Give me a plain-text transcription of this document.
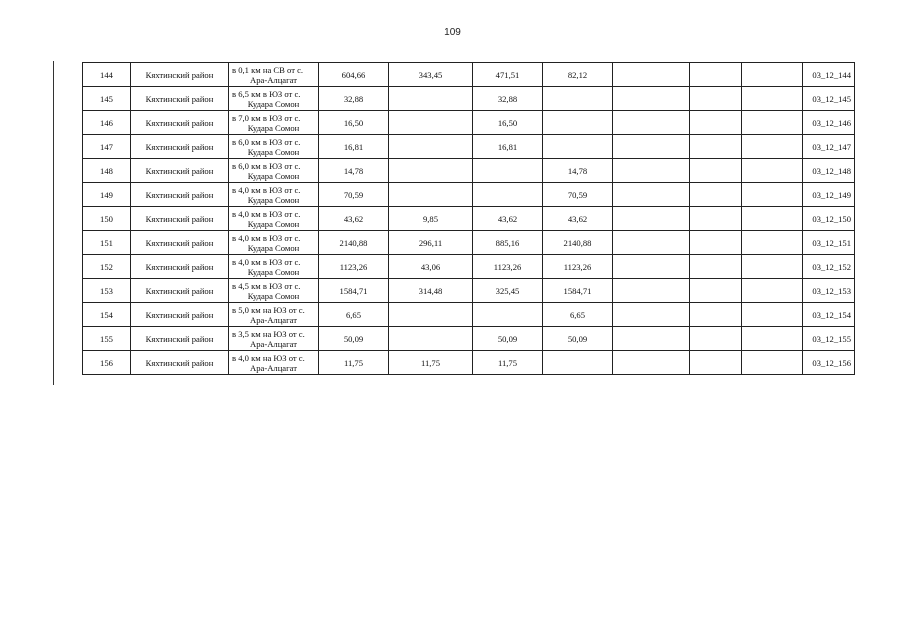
109
144	Кяхтинский район	в 0,1 км на СВ от с.
Ара-Алцагат	604,66	343,45	471,51	82,12				03_12_144
145	Кяхтинский район	в 6,5 км в ЮЗ от с.
Кудара Сомон	32,88		32,88					03_12_145
146	Кяхтинский район	в 7,0 км в ЮЗ от с.
Кудара Сомон	16,50		16,50					03_12_146
147	Кяхтинский район	в 6,0 км в ЮЗ от с.
Кудара Сомон	16,81		16,81					03_12_147
148	Кяхтинский район	в 6,0 км в ЮЗ от с.
Кудара Сомон	14,78			14,78				03_12_148
149	Кяхтинский район	в 4,0 км в ЮЗ от с.
Кудара Сомон	70,59			70,59				03_12_149
150	Кяхтинский район	в 4,0 км в ЮЗ от с.
Кудара Сомон	43,62	9,85	43,62	43,62				03_12_150
151	Кяхтинский район	в 4,0 км в ЮЗ от с.
Кудара Сомон	2140,88	296,11	885,16	2140,88				03_12_151
152	Кяхтинский район	в 4,0 км в ЮЗ от с.
Кудара Сомон	1123,26	43,06	1123,26	1123,26				03_12_152
153	Кяхтинский район	в 4,5 км в ЮЗ от с.
Кудара Сомон	1584,71	314,48	325,45	1584,71				03_12_153
154	Кяхтинский район	в 5,0 км на ЮЗ от с.
Ара-Алцагат	6,65			6,65				03_12_154
155	Кяхтинский район	в 3,5 км на ЮЗ от с.
Ара-Алцагат	50,09		50,09	50,09				03_12_155
156	Кяхтинский район	в 4,0 км на ЮЗ от с.
Ара-Алцагат	11,75	11,75	11,75					03_12_156
